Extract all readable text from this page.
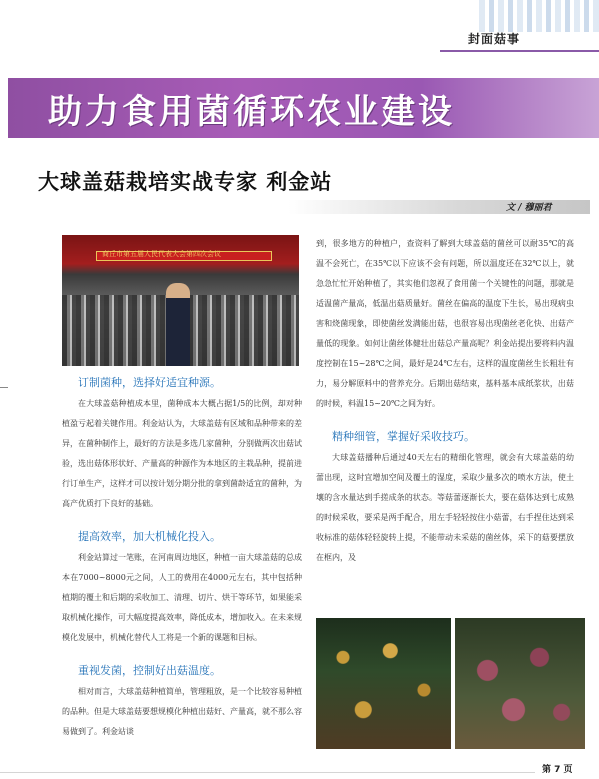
封面菇事
助力食用菌循环农业建设
大球盖菇栽培实战专家 利金站
文 / 穆丽君
商丘市第五届人民代表大会第四次会议
订制菌种，选择好适宜种源。

在大球盖菇种植成本里，菌种成本大概占据1/5的比例，却对种植盈亏起着关键作用。利金站认为，大球盖菇有区域和品种带来的差异，在菌种制作上，最好的方法是多选几家菌种，分别做两次出菇试验，选出菇体形状好、产量高的种源作为本地区的主栽品种，提前进行订单生产，这样才可以按计划分期分批的拿到菌龄适宜的菌种，为高产优质打下良好的基础。

提高效率，加大机械化投入。

利金站算过一笔账，在河南周边地区，种植一亩大球盖菇的总成本在7000~8000元之间，人工的费用在4000元左右，其中包括种植期的覆土和后期的采收加工、清理、切片、烘干等环节，如果能采取机械化操作，可大幅度提高效率，降低成本，增加收入。在未来规模化发展中，机械化替代人工将是一个新的课题和目标。

重视发菌，控制好出菇温度。

相对而言，大球盖菇种植简单，管理粗放，是一个比较容易种植的品种。但是大球盖菇要想规模化种植出菇好、产量高，就不那么容易做到了。利金站谈

到，很多地方的种植户，查资料了解到大球盖菇的菌丝可以耐35℃的高温不会死亡，在35℃以下应该不会有问题，所以温度还在32℃以上，就急急忙忙开始种植了，其实他们忽视了食用菌一个关键性的问题，那就是适温菌产量高，低温出菇质量好。菌丝在偏高的温度下生长，易出现病虫害和烧菌现象，即使菌丝发满能出菇，也很容易出现菌丝老化快、出菇产量低的现象。如何让菌丝体健壮出菇总产量高呢？利金站提出要将料内温度控制在15~28℃之间，最好是24℃左右，这样的温度菌丝生长粗壮有力，易分解原料中的营养充分。后期出菇结束，基料基本成纸浆状，出菇的时候，料温15~20℃之间为好。

精种细管，掌握好采收技巧。

大球盖菇播种后通过40天左右的精细化管理，就会有大球盖菇的幼蕾出现，这时宜增加空间及覆土的湿度，采取少量多次的喷水方法，使土壤的含水量达到手搓成条的状态。等菇蕾逐渐长大，要在菇体达到七成熟的时候采收，要采是两手配合，用左手轻轻按住小菇蕾，右手捏住达到采收标准的菇体轻轻旋转上提，不能带动未采菇的菌丝体，采下的菇要摆放在框内，及

第 7 页
